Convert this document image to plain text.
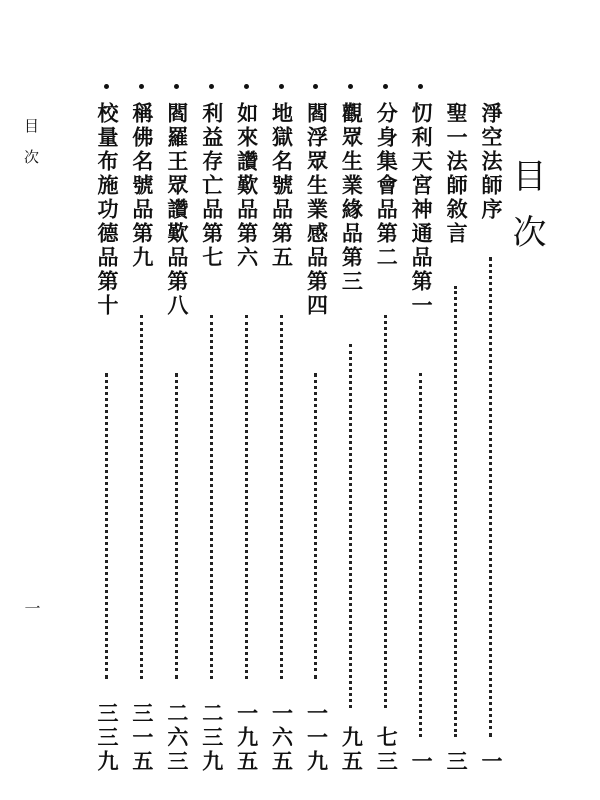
目次
一
目次
淨空法師序
一
聖一法師敘言
三
忉利天宮神通品第一
一
分身集會品第二
七三
觀眾生業緣品第三
九五
閻浮眾生業感品第四
一一九
地獄名號品第五
一六五
如來讚歎品第六
一九五
利益存亡品第七
二三九
閻羅王眾讚歎品第八
二六三
稱佛名號品第九
三一五
校量布施功德品第十
三三九
